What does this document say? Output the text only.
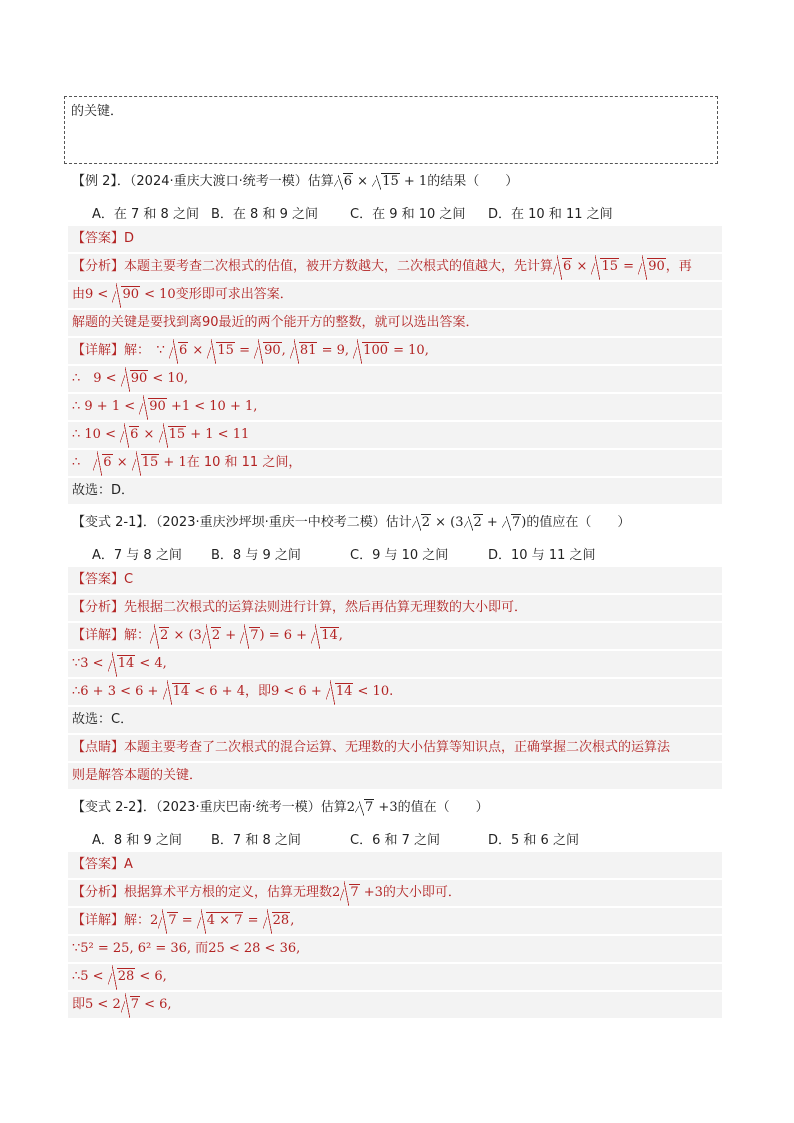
的关键．
【例 2】．（2024·重庆大渡口·统考一模）估算 6 × 15 + 1的结果（　　）
A．在 7 和 8 之间 B．在 8 和 9 之间 C．在 9 和 10 之间 D．在 10 和 11 之间
【答案】D
【分析】本题主要考查二次根式的估值，被开方数越大，二次根式的值越大，先计算 6 × 15 = 90，再
由9 < 90 < 10变形即可求出答案．
解题的关键是要找到离90最近的两个能开方的整数，就可以选出答案．
【详解】解：　∵ 6 × 15 = 90, 81 = 9, 100 = 10,
∴　9 < 90 < 10,
∴ 9 + 1 < 90 +1 < 10 + 1,
∴ 10 < 6 × 15 + 1 < 11
∴　6 × 15 + 1在 10 和 11 之间，
故选：D．
【变式 2-1】．（2023·重庆沙坪坝·重庆一中校考二模）估计 2 × (3 2 + 7)的值应在（　　）
A．7 与 8 之间 B．8 与 9 之间	C．9 与 10 之间	D．10 与 11 之间
【答案】C
【分析】先根据二次根式的运算法则进行计算，然后再估算无理数的大小即可．
【详解】解： 2 × (3 2 + 7) = 6 + 14,
∵3 < 14 < 4,
∴6 + 3 < 6 + 14 < 6 + 4，即9 < 6 + 14 < 10.
故选：C．
【点睛】本题主要考查了二次根式的混合运算、无理数的大小估算等知识点，正确掌握二次根式的运算法
则是解答本题的关键．
【变式 2-2】．（2023·重庆巴南·统考一模）估算2 7 +3的值在（　　）
A．8 和 9 之间 B．7 和 8 之间	C．6 和 7 之间	D．5 和 6 之间
【答案】A
【分析】根据算术平方根的定义，估算无理数2 7 +3的大小即可．
【详解】解：2 7 = 4 × 7 = 28,
∵5² = 25, 6² = 36, 而25 < 28 < 36,
∴5 < 28 < 6,
即5 < 2 7 < 6,
